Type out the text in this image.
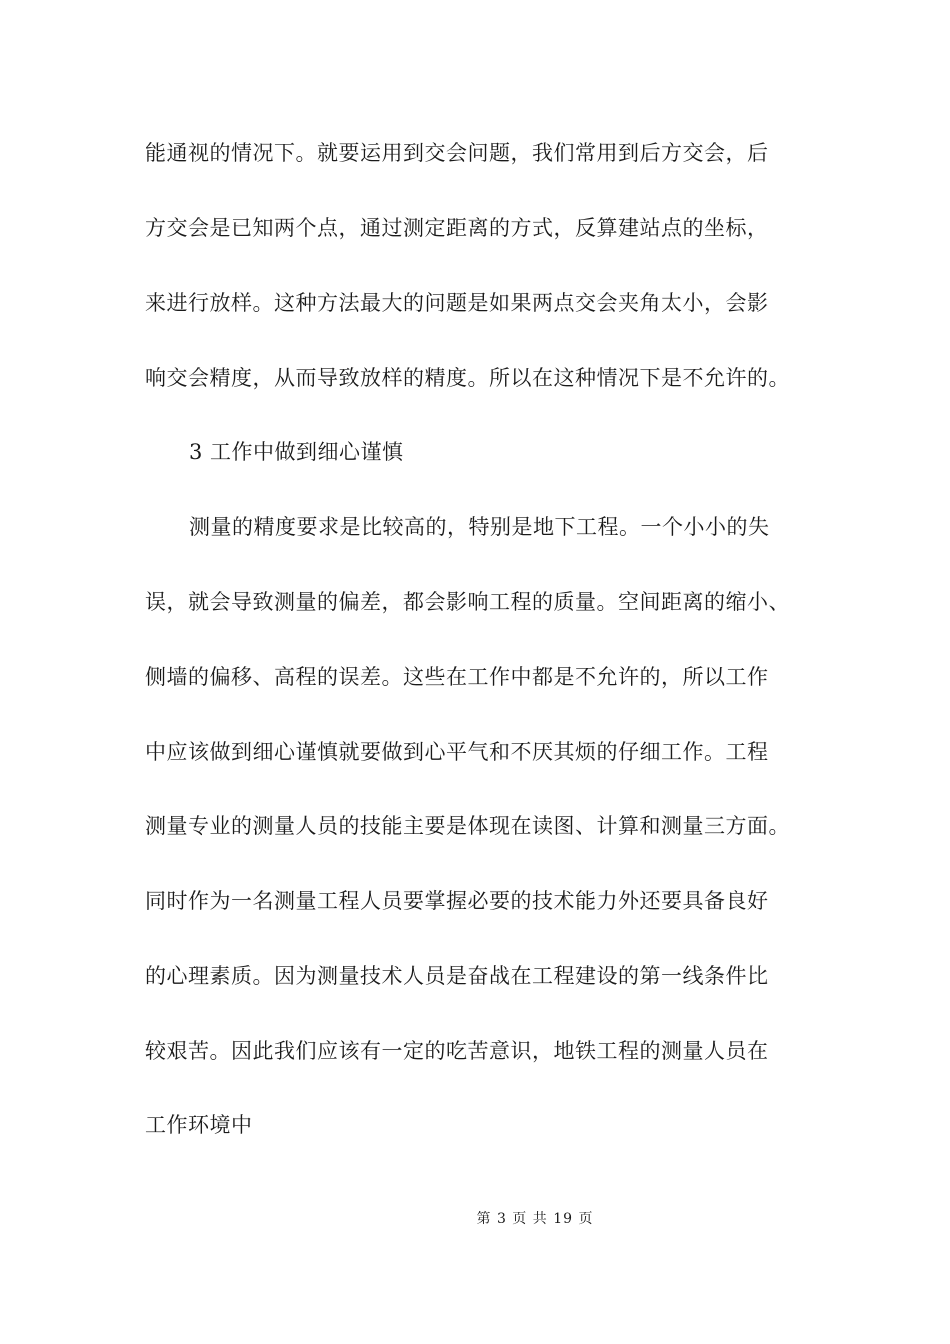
能通视的情况下。就要运用到交会问题，我们常用到后方交会，后
方交会是已知两个点，通过测定距离的方式，反算建站点的坐标，
来进行放样。这种方法最大的问题是如果两点交会夹角太小，会影
响交会精度，从而导致放样的精度。所以在这种情况下是不允许的。
3 工作中做到细心谨慎
测量的精度要求是比较高的，特别是地下工程。一个小小的失
误，就会导致测量的偏差，都会影响工程的质量。空间距离的缩小、
侧墙的偏移、高程的误差。这些在工作中都是不允许的，所以工作
中应该做到细心谨慎就要做到心平气和不厌其烦的仔细工作。工程
测量专业的测量人员的技能主要是体现在读图、计算和测量三方面。
同时作为一名测量工程人员要掌握必要的技术能力外还要具备良好
的心理素质。因为测量技术人员是奋战在工程建设的第一线条件比
较艰苦。因此我们应该有一定的吃苦意识，地铁工程的测量人员在
工作环境中
第 3 页 共 19 页
